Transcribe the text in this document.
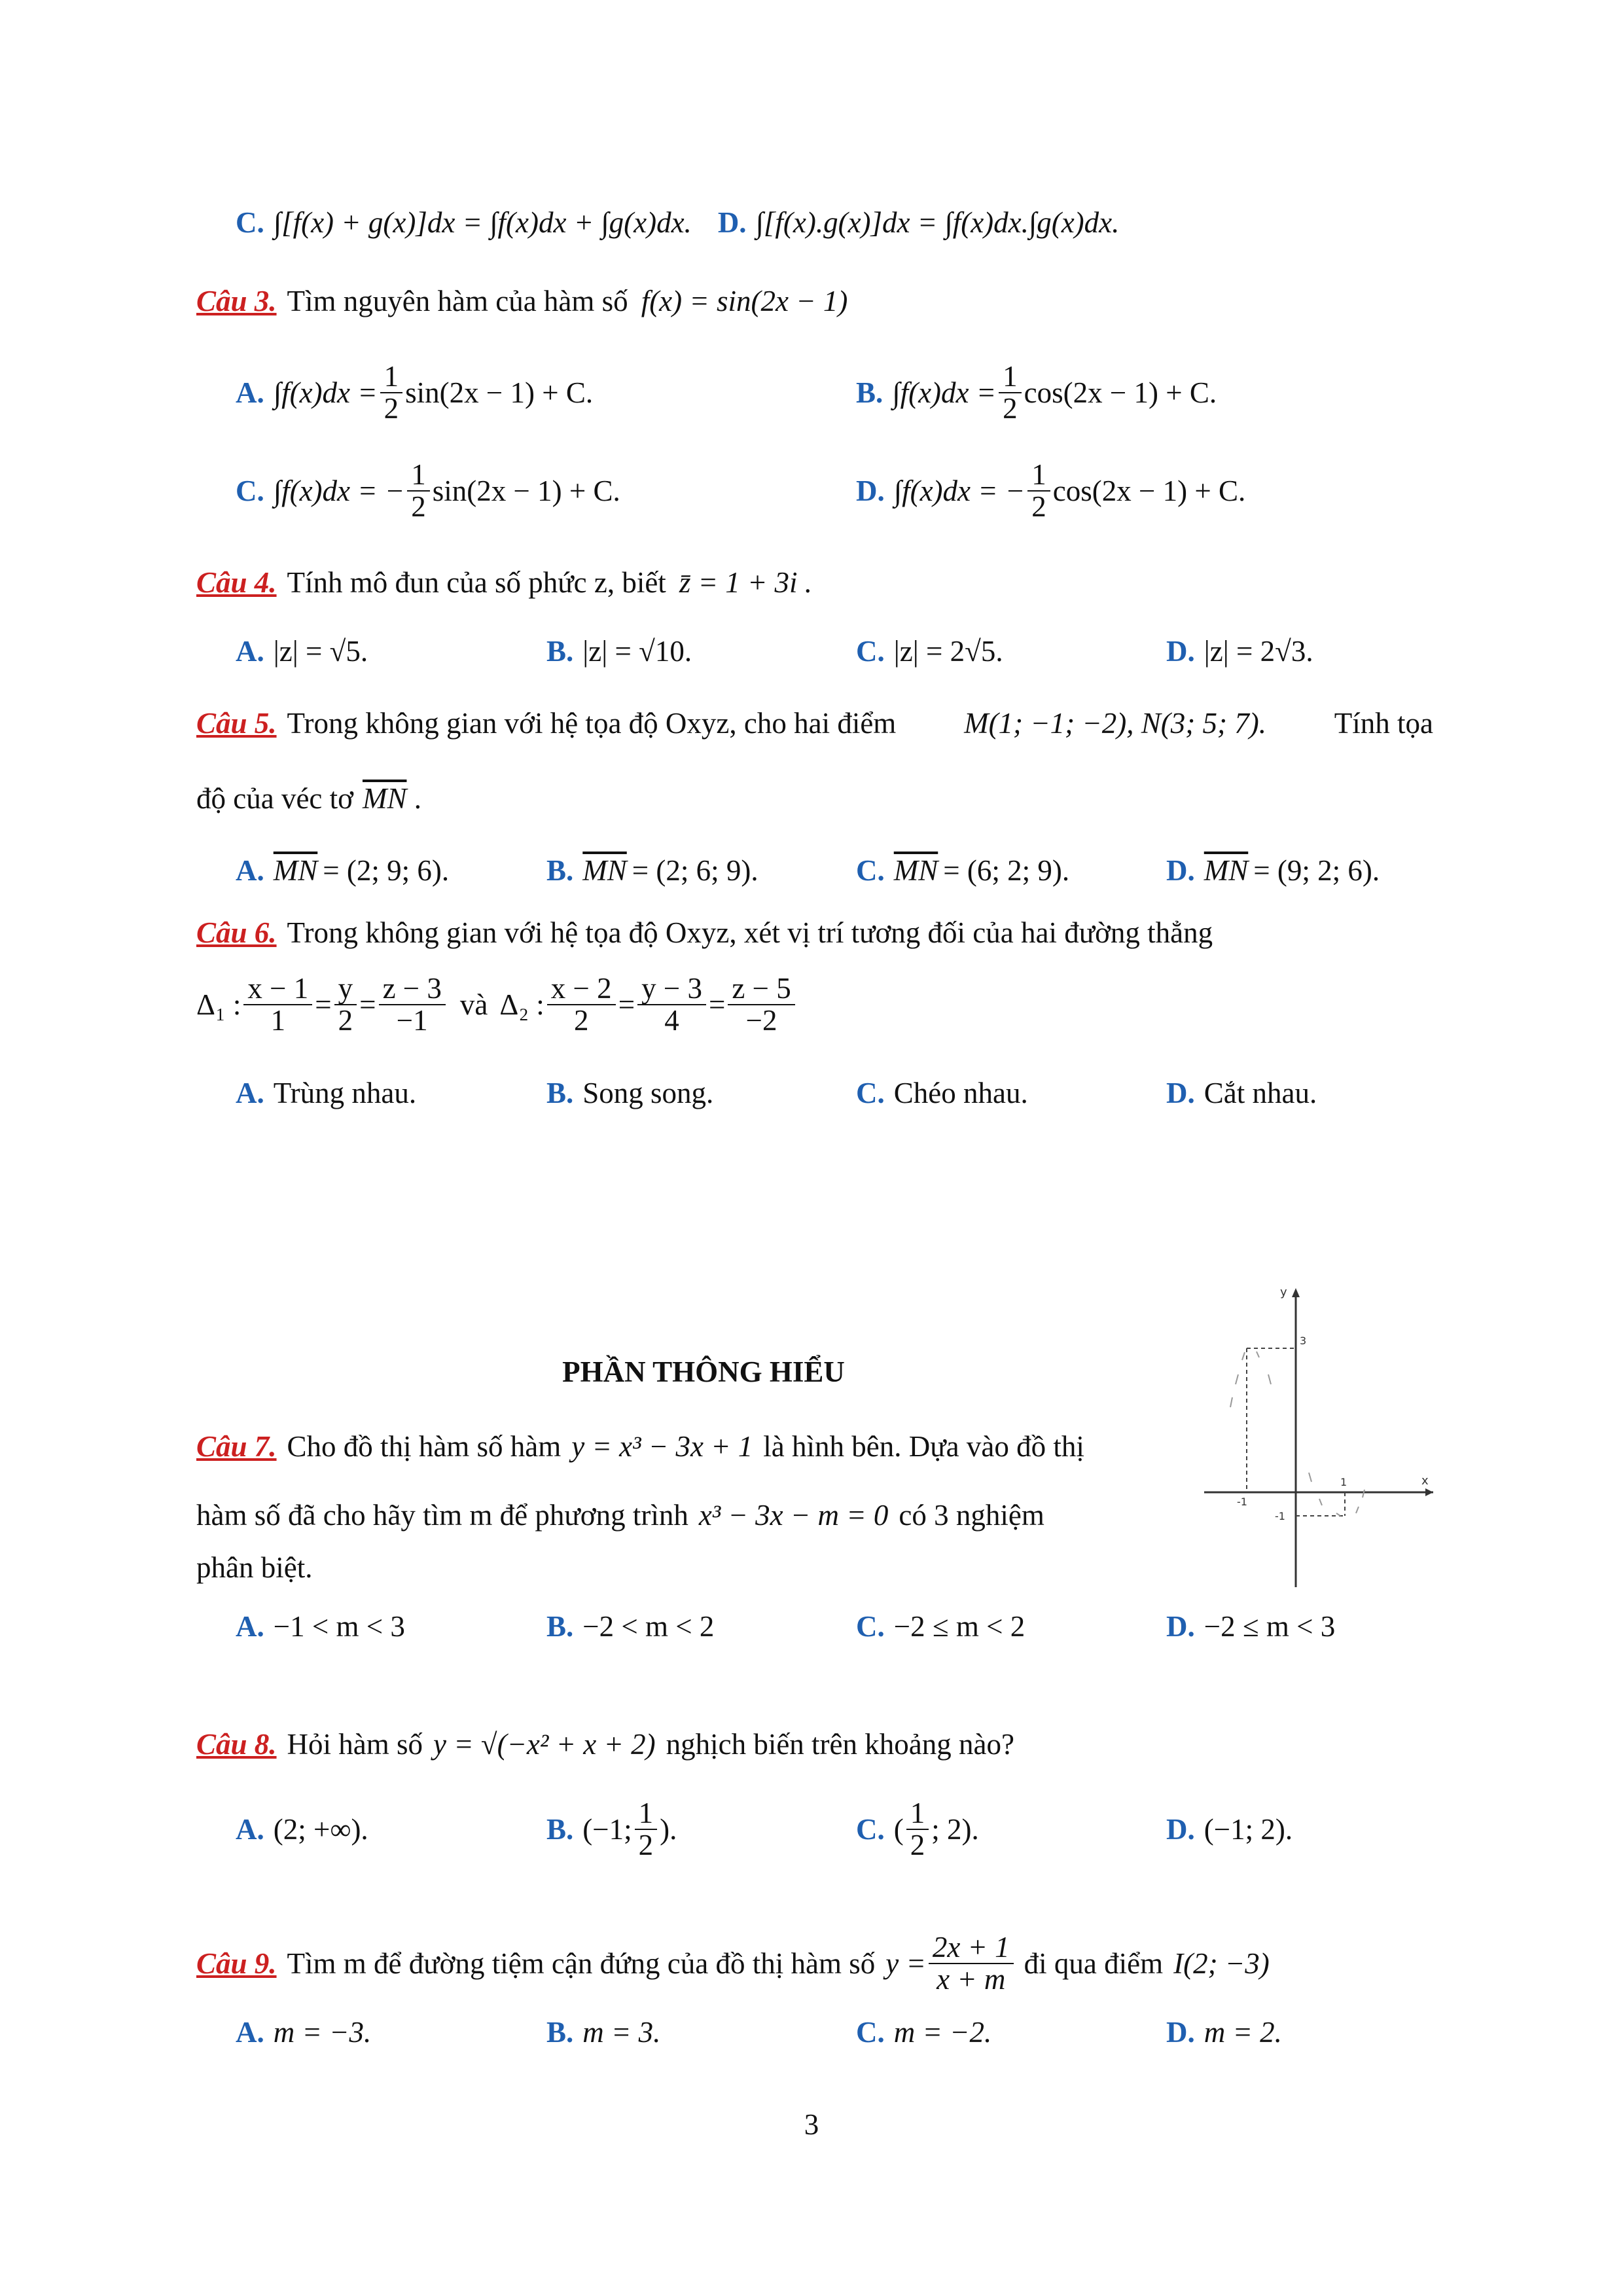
C. ∫[f(x) + g(x)]dx = ∫f(x)dx + ∫g(x)dx. D. ∫[f(x).g(x)]dx = ∫f(x)dx.∫g(x)dx.
Câu 3. Tìm nguyên hàm của hàm số f(x) = sin(2x − 1)
A. $\int f(x)dx = \frac{1}{2} \sin(2x - 1) + C$.	B. $\int f(x)dx = \frac{1}{2} \cos(2x - 1) + C$.
C. ∫f(x)dx = − $\frac{1}{2} \sin(2x - 1) + C$.	D. ∫f(x)dx = − $\frac{1}{2} \cos(2x - 1) + C$.
Câu 4. Tính mô đun của số phức z, biết z̄ = 1 + 3i .
A. |z| = √5.	B. |z| = √10.	C. |z| = 2√5.	D. |z| = 2√3.
Câu 5. Trong không gian với hệ tọa độ Oxyz, cho hai điểm M(1; −1; −2), N(3; 5; 7). Tính tọa
độ của véc tơ $\overline{MN}$ .
A. $\overline{MN} = (2$; 9; 6).	B. $\overline{MN} = (2$; 6; 9).	C. $\overline{MN} = (6$; 2; 9).	D. $\overline{MN} = (9$; 2; 6).
Câu 6. Trong không gian với hệ tọa độ Oxyz, xét vị trí tương đối của hai đường thẳng
Δ₁ : $\frac{x - 1}{1} = \frac{y}{2} = \frac{z - 3}{-1}$ và Δ₂ : $\frac{x - 2}{2} = \frac{y - 3}{4} = \frac{z - 5}{-2}$
A. Trùng nhau.	B. Song song.	C. Chéo nhau.	D. Cắt nhau.
PHẦN THÔNG HIỂU
y
x
3
-1
1
-1
Câu 7. Cho đồ thị hàm số hàm y = x³ − 3x + 1 là hình bên. Dựa vào đồ thị
hàm số đã cho hãy tìm m để phương trình x³ − 3x − m = 0 có 3 nghiệm
phân biệt.
A. −1 < m < 3	B. −2 < m < 2	C. −2 ≤ m < 2	D. −2 ≤ m < 3
Câu 8. Hỏi hàm số y = √(−x² + x + 2) nghịch biến trên khoảng nào?
A. (2; +∞).	B. (−1; $\frac{1}{2}$ ).	C. ( $\frac{1}{2}$ ; 2).	D. (−1; 2).
Câu 9. Tìm m để đường tiệm cận đứng của đồ thị hàm số $y = \frac{2x + 1}{x + m}$ đi qua điểm I(2; −3)
A. m = −3.	B. m = 3.	C. m = −2.	D. m = 2.
3
